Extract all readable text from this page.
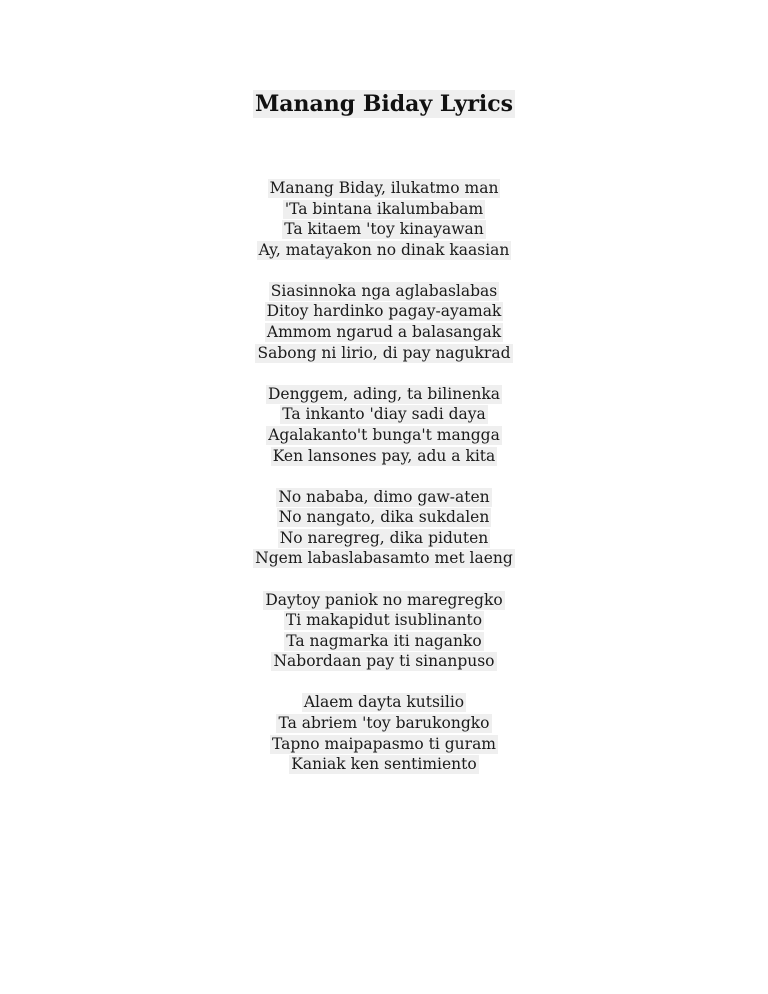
Manang Biday Lyrics
Manang Biday, ilukatmo man
'Ta bintana ikalumbabam
Ta kitaem 'toy kinayawan
Ay, matayakon no dinak kaasian
Siasinnoka nga aglabaslabas
Ditoy hardinko pagay-ayamak
Ammom ngarud a balasangak
Sabong ni lirio, di pay nagukrad
Denggem, ading, ta bilinenka
Ta inkanto 'diay sadi daya
Agalakanto't bunga't mangga
Ken lansones pay, adu a kita
No nababa, dimo gaw-aten
No nangato, dika sukdalen
No naregreg, dika piduten
Ngem labaslabasamto met laeng
Daytoy paniok no maregregko
Ti makapidut isublinanto
Ta nagmarka iti naganko
Nabordaan pay ti sinanpuso
Alaem dayta kutsilio
Ta abriem 'toy barukongko
Tapno maipapasmo ti guram
Kaniak ken sentimiento
